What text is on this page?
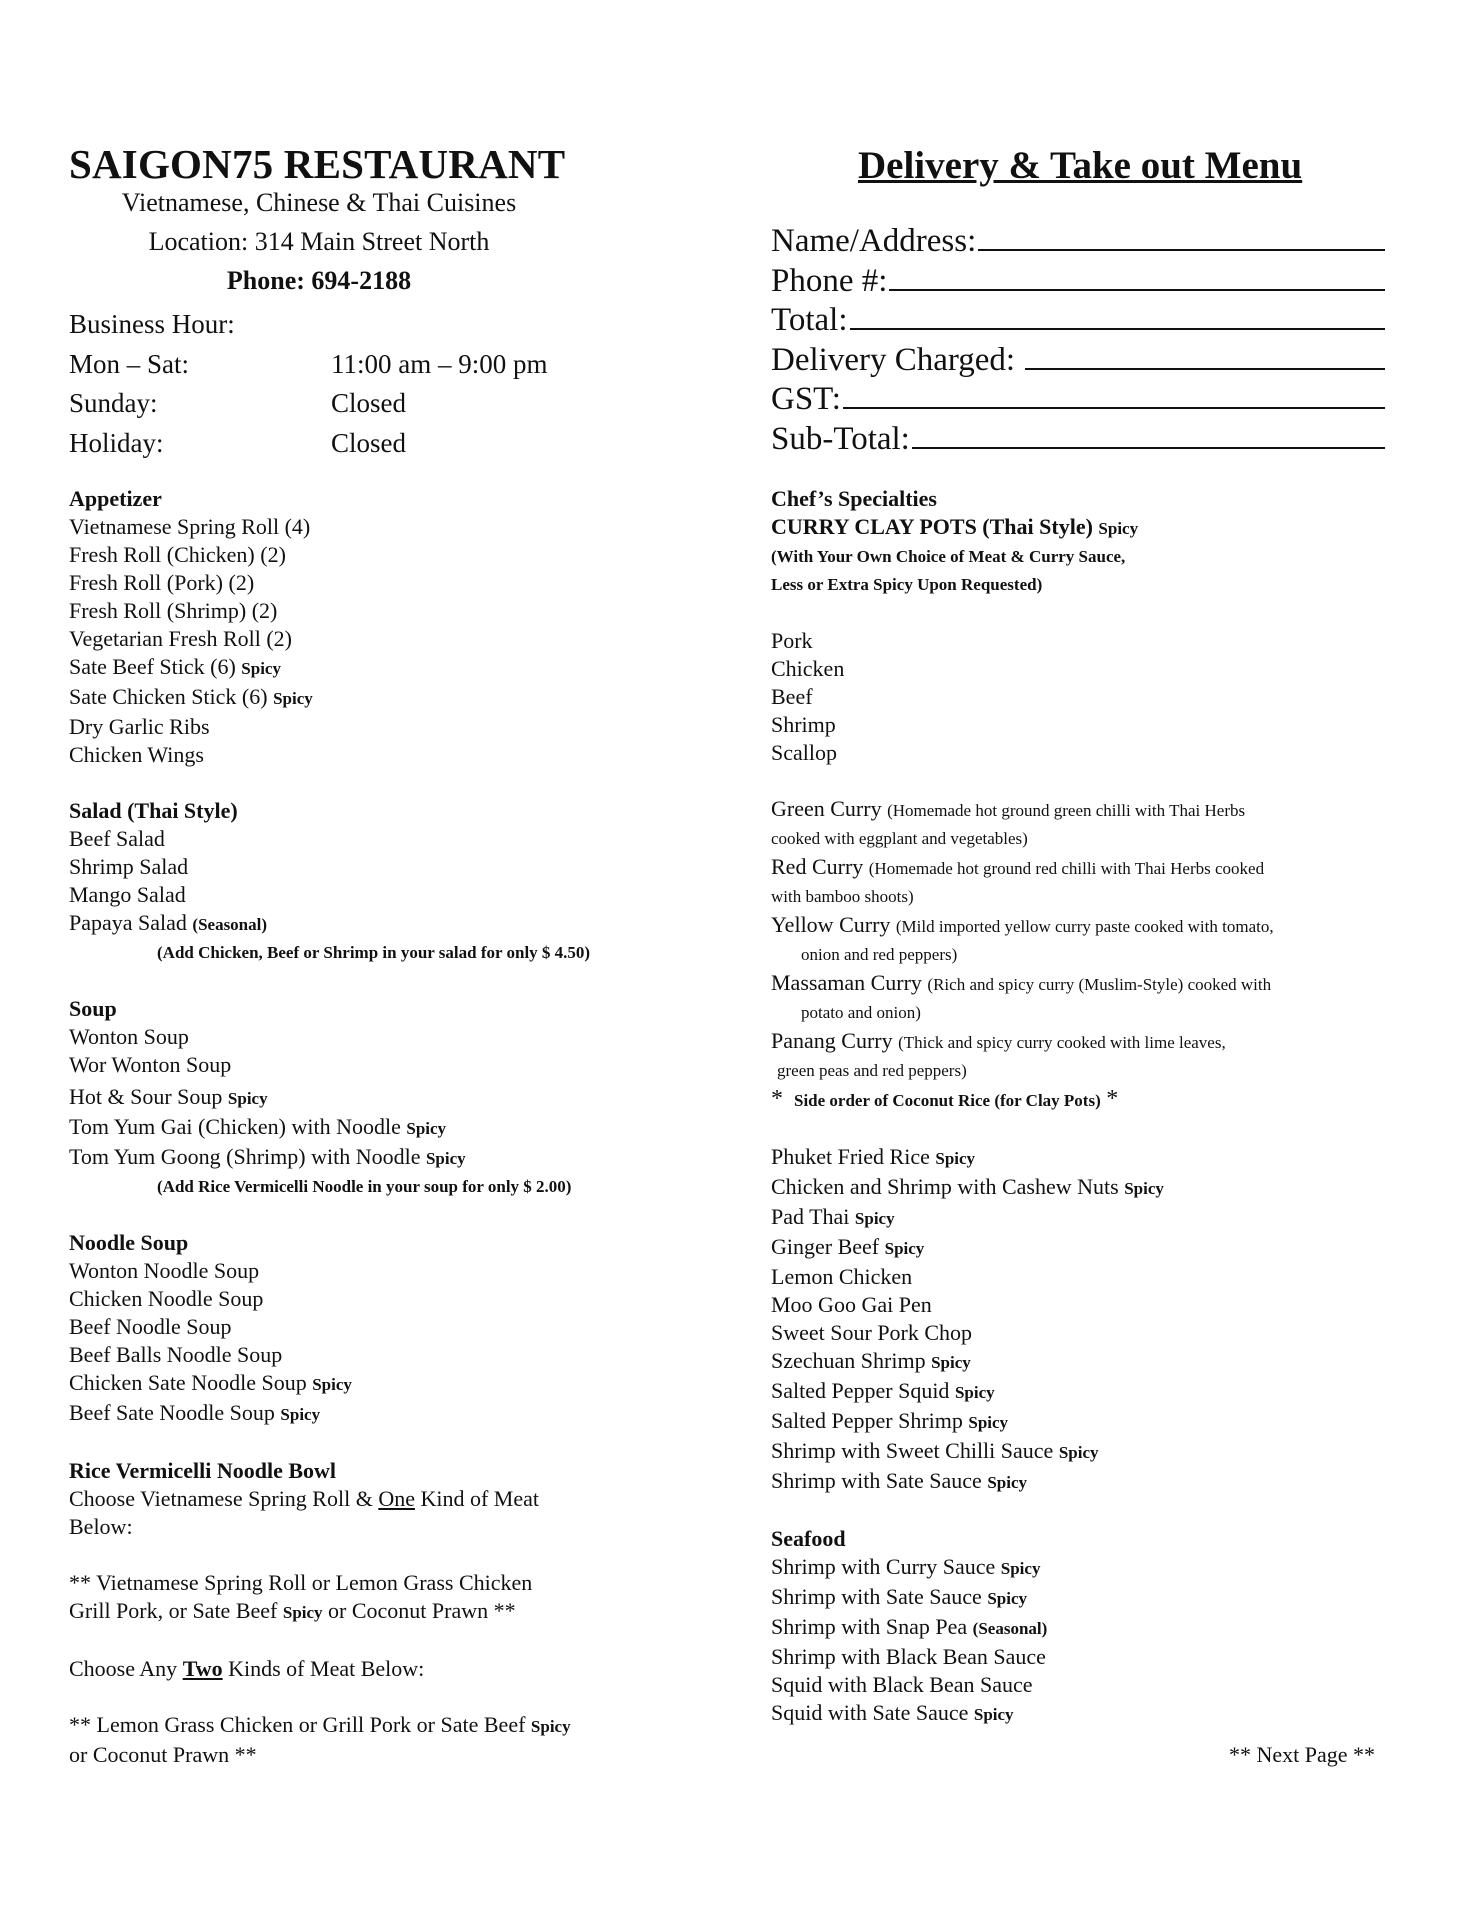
SAIGON75 RESTAURANT
Vietnamese, Chinese & Thai Cuisines
Location: 314 Main Street North
Phone: 694-2188
Business Hour:
Mon – Sat:	11:00 am – 9:00 pm
Sunday:	Closed
Holiday:	Closed
Appetizer
Vietnamese Spring Roll (4)
Fresh Roll (Chicken) (2)
Fresh Roll (Pork) (2)
Fresh Roll (Shrimp) (2)
Vegetarian Fresh Roll (2)
Sate Beef Stick (6) Spicy
Sate Chicken Stick (6) Spicy
Dry Garlic Ribs
Chicken Wings
Salad (Thai Style)
Beef Salad
Shrimp Salad
Mango Salad
Papaya Salad (Seasonal)
(Add Chicken, Beef or Shrimp in your salad for only $ 4.50)
Soup
Wonton Soup
Wor Wonton Soup
Hot & Sour Soup Spicy
Tom Yum Gai (Chicken) with Noodle Spicy
Tom Yum Goong (Shrimp) with Noodle Spicy
(Add Rice Vermicelli Noodle in your soup for only $ 2.00)
Noodle Soup
Wonton Noodle Soup
Chicken Noodle Soup
Beef Noodle Soup
Beef Balls Noodle Soup
Chicken Sate Noodle Soup Spicy
Beef Sate Noodle Soup Spicy
Rice Vermicelli Noodle Bowl
Choose Vietnamese Spring Roll & One Kind of Meat
Below:
** Vietnamese Spring Roll or Lemon Grass Chicken
Grill Pork, or Sate Beef Spicy or Coconut Prawn **
Choose Any Two Kinds of Meat Below:
** Lemon Grass Chicken or Grill Pork or Sate Beef Spicy
or Coconut Prawn **
Delivery & Take out Menu
Name/Address:
Phone #:
Total:
Delivery Charged:
GST:
Sub-Total:
Chef’s Specialties
CURRY CLAY POTS (Thai Style) Spicy
(With Your Own Choice of Meat & Curry Sauce,
Less or Extra Spicy Upon Requested)
Pork
Chicken
Beef
Shrimp
Scallop
Green Curry (Homemade hot ground green chilli with Thai Herbs
cooked with eggplant and vegetables)
Red Curry (Homemade hot ground red chilli with Thai Herbs cooked
with bamboo shoots)
Yellow Curry (Mild imported yellow curry paste cooked with tomato,
onion and red peppers)
Massaman Curry (Rich and spicy curry (Muslim-Style) cooked with
potato and onion)
Panang Curry (Thick and spicy curry cooked with lime leaves,
green peas and red peppers)
* Side order of Coconut Rice (for Clay Pots) *
Phuket Fried Rice Spicy
Chicken and Shrimp with Cashew Nuts Spicy
Pad Thai Spicy
Ginger Beef Spicy
Lemon Chicken
Moo Goo Gai Pen
Sweet Sour Pork Chop
Szechuan Shrimp Spicy
Salted Pepper Squid Spicy
Salted Pepper Shrimp Spicy
Shrimp with Sweet Chilli Sauce Spicy
Shrimp with Sate Sauce Spicy
Seafood
Shrimp with Curry Sauce Spicy
Shrimp with Sate Sauce Spicy
Shrimp with Snap Pea (Seasonal)
Shrimp with Black Bean Sauce
Squid with Black Bean Sauce
Squid with Sate Sauce Spicy
** Next Page **
